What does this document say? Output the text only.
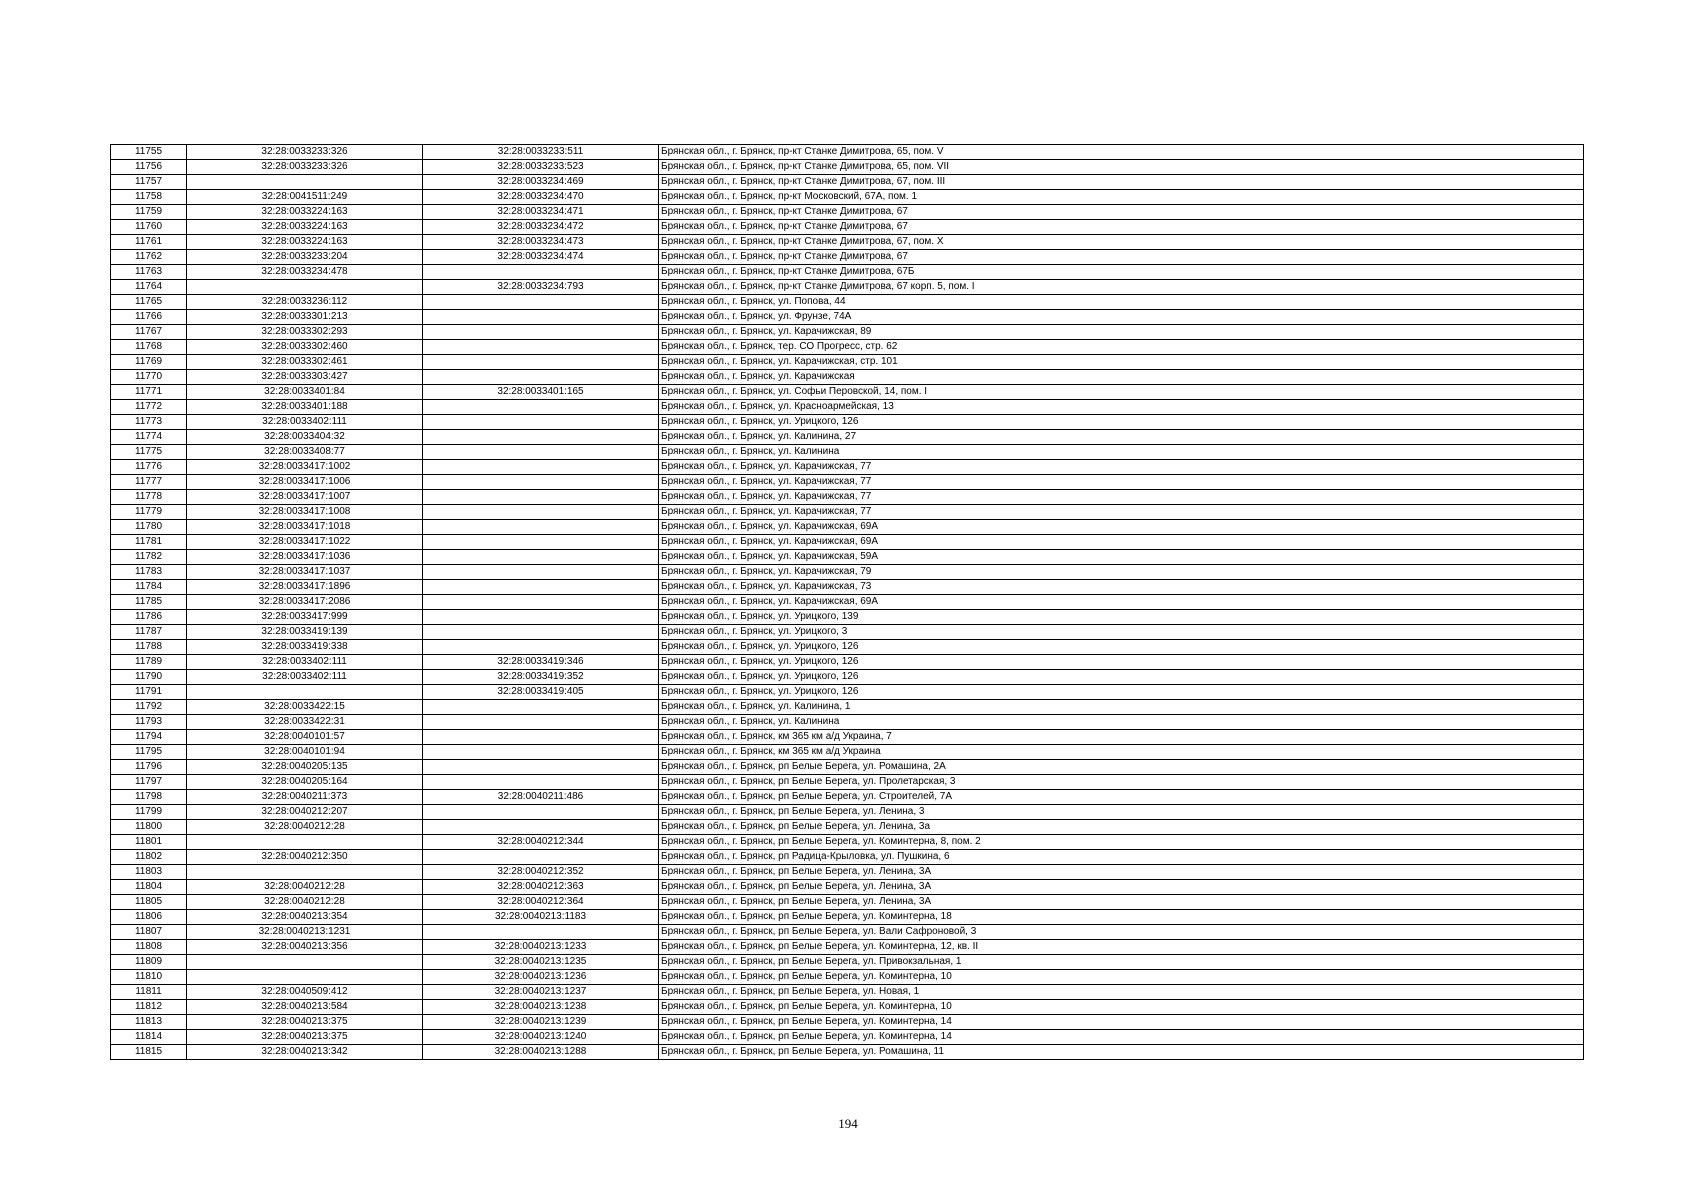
11755	32:28:0033233:326	32:28:0033233:511	Брянская обл., г. Брянск, пр-кт Станке Димитрова, 65, пом. V
11756	32:28:0033233:326	32:28:0033233:523	Брянская обл., г. Брянск, пр-кт Станке Димитрова, 65, пом. VII
11757		32:28:0033234:469	Брянская обл., г. Брянск, пр-кт Станке Димитрова, 67, пом. III
11758	32:28:0041511:249	32:28:0033234:470	Брянская обл., г. Брянск, пр-кт Московский, 67А, пом. 1
11759	32:28:0033224:163	32:28:0033234:471	Брянская обл., г. Брянск, пр-кт Станке Димитрова, 67
11760	32:28:0033224:163	32:28:0033234:472	Брянская обл., г. Брянск, пр-кт Станке Димитрова, 67
11761	32:28:0033224:163	32:28:0033234:473	Брянская обл., г. Брянск, пр-кт Станке Димитрова, 67, пом. X
11762	32:28:0033233:204	32:28:0033234:474	Брянская обл., г. Брянск, пр-кт Станке Димитрова, 67
11763	32:28:0033234:478		Брянская обл., г. Брянск, пр-кт Станке Димитрова, 67Б
11764		32:28:0033234:793	Брянская обл., г. Брянск, пр-кт Станке Димитрова, 67 корп. 5, пом. I
11765	32:28:0033236:112		Брянская обл., г. Брянск, ул. Попова, 44
11766	32:28:0033301:213		Брянская обл., г. Брянск, ул. Фрунзе, 74А
11767	32:28:0033302:293		Брянская обл., г. Брянск, ул. Карачижская, 89
11768	32:28:0033302:460		Брянская обл., г. Брянск, тер. СО Прогресс, стр. 62
11769	32:28:0033302:461		Брянская обл., г. Брянск, ул. Карачижская, стр. 101
11770	32:28:0033303:427		Брянская обл., г. Брянск, ул. Карачижская
11771	32:28:0033401:84	32:28:0033401:165	Брянская обл., г. Брянск, ул. Софьи Перовской, 14, пом. I
11772	32:28:0033401:188		Брянская обл., г. Брянск, ул. Красноармейская, 13
11773	32:28:0033402:111		Брянская обл., г. Брянск, ул. Урицкого, 126
11774	32:28:0033404:32		Брянская обл., г. Брянск, ул. Калинина, 27
11775	32:28:0033408:77		Брянская обл., г. Брянск, ул. Калинина
11776	32:28:0033417:1002		Брянская обл., г. Брянск, ул. Карачижская, 77
11777	32:28:0033417:1006		Брянская обл., г. Брянск, ул. Карачижская, 77
11778	32:28:0033417:1007		Брянская обл., г. Брянск, ул. Карачижская, 77
11779	32:28:0033417:1008		Брянская обл., г. Брянск, ул. Карачижская, 77
11780	32:28:0033417:1018		Брянская обл., г. Брянск, ул. Карачижская, 69А
11781	32:28:0033417:1022		Брянская обл., г. Брянск, ул. Карачижская, 69А
11782	32:28:0033417:1036		Брянская обл., г. Брянск, ул. Карачижская, 59А
11783	32:28:0033417:1037		Брянская обл., г. Брянск, ул. Карачижская, 79
11784	32:28:0033417:1896		Брянская обл., г. Брянск, ул. Карачижская, 73
11785	32:28:0033417:2086		Брянская обл., г. Брянск, ул. Карачижская, 69А
11786	32:28:0033417:999		Брянская обл., г. Брянск, ул. Урицкого, 139
11787	32:28:0033419:139		Брянская обл., г. Брянск, ул. Урицкого, 3
11788	32:28:0033419:338		Брянская обл., г. Брянск, ул. Урицкого, 126
11789	32:28:0033402:111	32:28:0033419:346	Брянская обл., г. Брянск, ул. Урицкого, 126
11790	32:28:0033402:111	32:28:0033419:352	Брянская обл., г. Брянск, ул. Урицкого, 126
11791		32:28:0033419:405	Брянская обл., г. Брянск, ул. Урицкого, 126
11792	32:28:0033422:15		Брянская обл., г. Брянск, ул. Калинина, 1
11793	32:28:0033422:31		Брянская обл., г. Брянск, ул. Калинина
11794	32:28:0040101:57		Брянская обл., г. Брянск, км 365 км а/д Украина, 7
11795	32:28:0040101:94		Брянская обл., г. Брянск, км 365 км а/д Украина
11796	32:28:0040205:135		Брянская обл., г. Брянск, рп Белые Берега, ул. Ромашина, 2А
11797	32:28:0040205:164		Брянская обл., г. Брянск, рп Белые Берега, ул. Пролетарская, 3
11798	32:28:0040211:373	32:28:0040211:486	Брянская обл., г. Брянск, рп Белые Берега, ул. Строителей, 7А
11799	32:28:0040212:207		Брянская обл., г. Брянск, рп Белые Берега, ул. Ленина, 3
11800	32:28:0040212:28		Брянская обл., г. Брянск, рп Белые Берега, ул. Ленина, 3а
11801		32:28:0040212:344	Брянская обл., г. Брянск, рп Белые Берега, ул. Коминтерна, 8, пом. 2
11802	32:28:0040212:350		Брянская обл., г. Брянск, рп Радица-Крыловка, ул. Пушкина, 6
11803		32:28:0040212:352	Брянская обл., г. Брянск, рп Белые Берега, ул. Ленина, 3А
11804	32:28:0040212:28	32:28:0040212:363	Брянская обл., г. Брянск, рп Белые Берега, ул. Ленина, 3А
11805	32:28:0040212:28	32:28:0040212:364	Брянская обл., г. Брянск, рп Белые Берега, ул. Ленина, 3А
11806	32:28:0040213:354	32:28:0040213:1183	Брянская обл., г. Брянск, рп Белые Берега, ул. Коминтерна, 18
11807	32:28:0040213:1231		Брянская обл., г. Брянск, рп Белые Берега, ул. Вали Сафроновой, 3
11808	32:28:0040213:356	32:28:0040213:1233	Брянская обл., г. Брянск, рп Белые Берега, ул. Коминтерна, 12, кв. II
11809		32:28:0040213:1235	Брянская обл., г. Брянск, рп Белые Берега, ул. Привокзальная, 1
11810		32:28:0040213:1236	Брянская обл., г. Брянск, рп Белые Берега, ул. Коминтерна, 10
11811	32:28:0040509:412	32:28:0040213:1237	Брянская обл., г. Брянск, рп Белые Берега, ул. Новая, 1
11812	32:28:0040213:584	32:28:0040213:1238	Брянская обл., г. Брянск, рп Белые Берега, ул. Коминтерна, 10
11813	32:28:0040213:375	32:28:0040213:1239	Брянская обл., г. Брянск, рп Белые Берега, ул. Коминтерна, 14
11814	32:28:0040213:375	32:28:0040213:1240	Брянская обл., г. Брянск, рп Белые Берега, ул. Коминтерна, 14
11815	32:28:0040213:342	32:28:0040213:1288	Брянская обл., г. Брянск, рп Белые Берега, ул. Ромашина, 11
194
